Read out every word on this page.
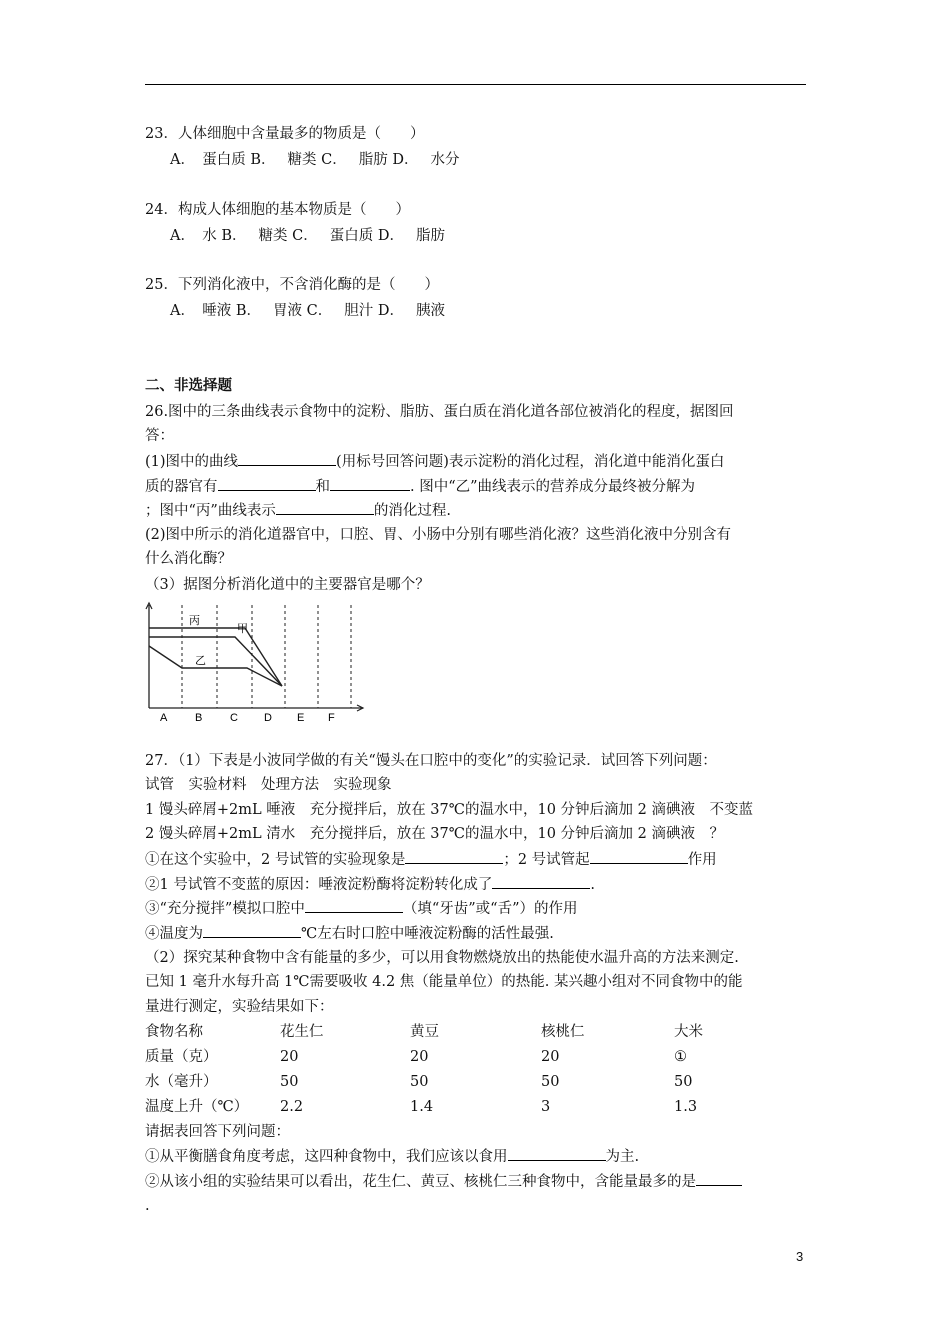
23．人体细胞中含量最多的物质是（　　）
A．　蛋白质 B． 糖类 C． 脂肪 D． 水分
24．构成人体细胞的基本物质是（　　）
A．　水 B． 糖类 C． 蛋白质 D． 脂肪
25．下列消化液中，不含消化酶的是（　　）
A．　唾液 B． 胃液 C． 胆汁 D． 胰液
二、非选择题
26.图中的三条曲线表示食物中的淀粉、脂肪、蛋白质在消化道各部位被消化的程度，据图回
答：
(1)图中的曲线	(用标号回答问题)表示淀粉的消化过程，消化道中能消化蛋白
质的器官有	和	. 图中“乙”曲线表示的营养成分最终被分解为
；图中“丙”曲线表示	的消化过程.
(2)图中所示的消化道器官中，口腔、胃、小肠中分别有哪些消化液？这些消化液中分别含有
什么消化酶？
（3）据图分析消化道中的主要器官是哪个？
丙
甲
乙
A	B	C D E F
27．（1）下表是小波同学做的有关“馒头在口腔中的变化”的实验记录．试回答下列问题：
试管　实验材料　处理方法　实验现象
1 馒头碎屑+2mL 唾液　充分搅拌后，放在 37℃的温水中，10 分钟后滴加 2 滴碘液　不变蓝
2 馒头碎屑+2mL 清水　充分搅拌后，放在 37℃的温水中，10 分钟后滴加 2 滴碘液　？
①在这个实验中，2 号试管的实验现象是	；2 号试管起	作用
②1 号试管不变蓝的原因：唾液淀粉酶将淀粉转化成了	.
③“充分搅拌”模拟口腔中	（填“牙齿”或“舌”）的作用
④温度为	℃左右时口腔中唾液淀粉酶的活性最强.
（2）探究某种食物中含有能量的多少，可以用食物燃烧放出的热能使水温升高的方法来测定.
已知 1 毫升水每升高 1℃需要吸收 4.2 焦（能量单位）的热能. 某兴趣小组对不同食物中的能
量进行测定，实验结果如下：
食物名称	花生仁	黄豆	核桃仁	大米
质量（克）	20	20	20	①
水（毫升）	50	50	50	50
温度上升（℃） 2.2	1.4	3	1.3
请据表回答下列问题：
①从平衡膳食角度考虑，这四种食物中，我们应该以食用	为主.
②从该小组的实验结果可以看出，花生仁、黄豆、核桃仁三种食物中，含能量最多的是
.
3
